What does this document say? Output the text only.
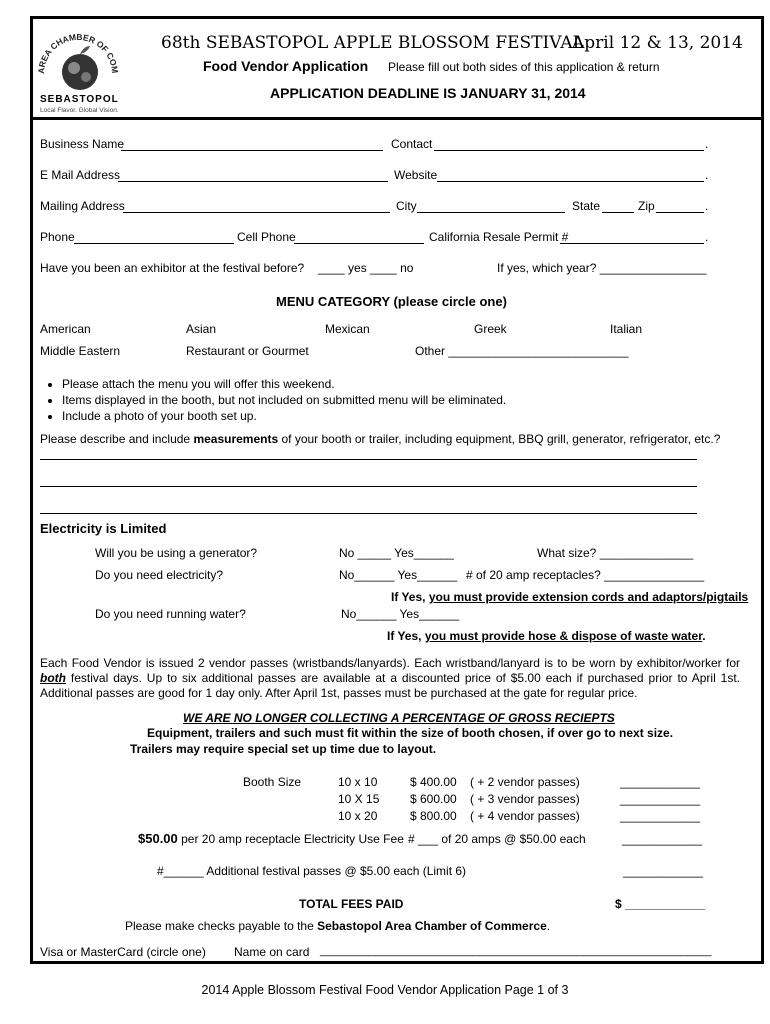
AREA CHAMBER OF COM
SEBASTOPOL
Local Flavor. Global Vision.
68th SEBASTOPOL APPLE BLOSSOM FESTIVAL
April 12 & 13, 2014
Food Vendor Application Please fill out both sides of this application & return
APPLICATION DEADLINE IS JANUARY 31, 2014
Business Name	Contact	.
E Mail Address	Website	.
Mailing Address	City	State	Zip	.
Phone	Cell Phone	California Resale Permit #	.
Have you been an exhibitor at the festival before? ____ yes ____ no	If yes, which year? ________________
MENU CATEGORY (please circle one)
American	Asian	Mexican	Greek	Italian
Middle Eastern	Restaurant or Gourmet	Other ___________________________
• Please attach the menu you will offer this weekend.
• Items displayed in the booth, but not included on submitted menu will be eliminated.
• Include a photo of your booth set up.
Please describe and include measurements of your booth or trailer, including equipment, BBQ grill, generator, refrigerator, etc.?
Electricity is Limited
Will you be using a generator?	No _____ Yes______	What size? ______________
Do you need electricity?	No______ Yes______ # of 20 amp receptacles? _______________
If Yes, you must provide extension cords and adaptors/pigtails
Do you need running water?	No______ Yes______
If Yes, you must provide hose & dispose of waste water.
Each Food Vendor is issued 2 vendor passes (wristbands/lanyards). Each wristband/lanyard is to be worn by exhibitor/worker for both festival days. Up to six additional passes are available at a discounted price of $5.00 each if purchased prior to April 1st. Additional passes are good for 1 day only. After April 1st, passes must be purchased at the gate for regular price.
WE ARE NO LONGER COLLECTING A PERCENTAGE OF GROSS RECIEPTS
Equipment, trailers and such must fit within the size of booth chosen, if over go to next size.
Trailers may require special set up time due to layout.
Booth Size	10 x 10	$ 400.00 ( + 2 vendor passes)	____________
10 X 15	$ 600.00 ( + 3 vendor passes)	____________
10 x 20	$ 800.00 ( + 4 vendor passes)	____________
$50.00 per 20 amp receptacle Electricity Use Fee # ___ of 20 amps @ $50.00 each	____________
#______ Additional festival passes @ $5.00 each (Limit 6)	____________
TOTAL FEES PAID	$ ____________
Please make checks payable to the Sebastopol Area Chamber of Commerce.
Visa or MasterCard (circle one) Name on card ________________________________________________________________
2014 Apple Blossom Festival Food Vendor Application Page 1 of 3
